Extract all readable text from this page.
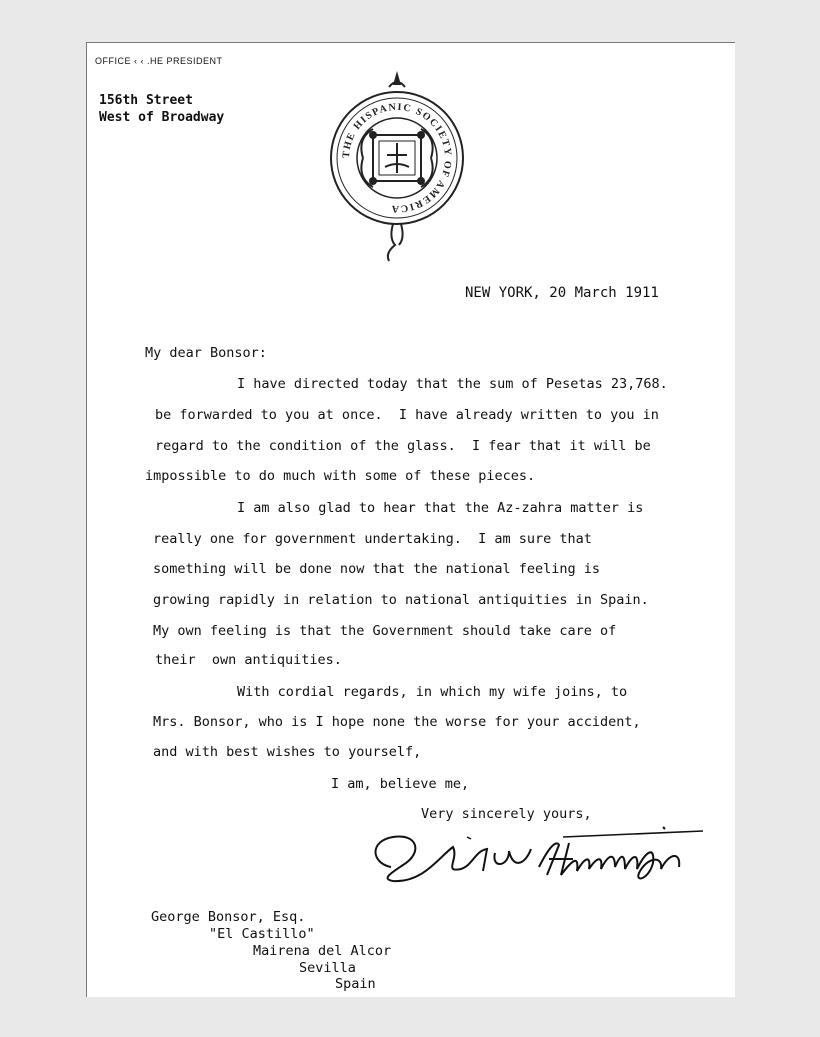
OFFICE ‹ ‹ .HE PRESIDENT
156th Street
West of Broadway
THE HISPANIC SOCIETY OF AMERICA
NEW YORK, 20 March 1911
My dear Bonsor:
I have directed today that the sum of Pesetas 23,768.
be forwarded to you at once.  I have already written to you in
regard to the condition of the glass.  I fear that it will be
impossible to do much with some of these pieces.
I am also glad to hear that the Az-zahra matter is
really one for government undertaking.  I am sure that
something will be done now that the national feeling is
growing rapidly in relation to national antiquities in Spain.
My own feeling is that the Government should take care of
their  own antiquities.
With cordial regards, in which my wife joins, to
Mrs. Bonsor, who is I hope none the worse for your accident,
and with best wishes to yourself,
I am, believe me,
Very sincerely yours,
Archer M. Huntington
George Bonsor, Esq.
"El Castillo"
Mairena del Alcor
Sevilla
Spain
